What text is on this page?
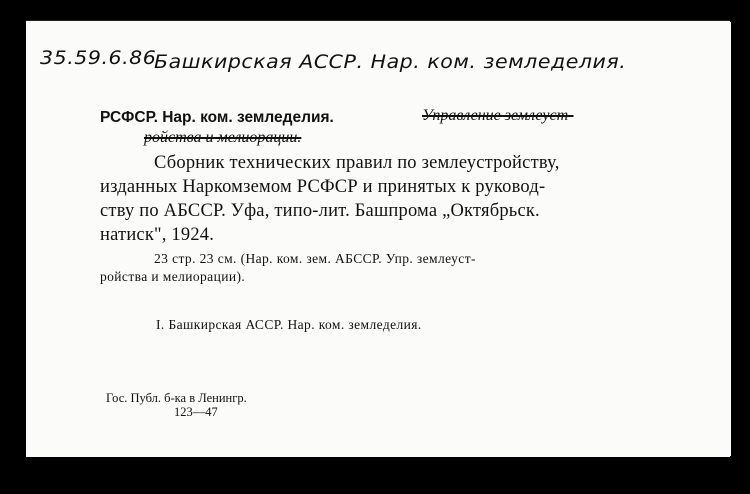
35.59.6.86
Башкирская АССР. Нар. ком. земледелия.
РСФСР. Нар. ком. земледелия.	Управление землеуст-
ройства и мелиорации.
Сборник технических правил по землеустройству,
изданных Наркомземом РСФСР и принятых к руковод-
ству по АБССР. Уфа, типо-лит. Башпрома „Октябрьск.
натиск", 1924.
23 стр. 23 см. (Нар. ком. зем. АБССР. Упр. землеуст-
ройства и мелиорации).
I. Башкирская АССР. Нар. ком. земледелия.
Гос. Публ. б-ка в Ленингр.
123—47
